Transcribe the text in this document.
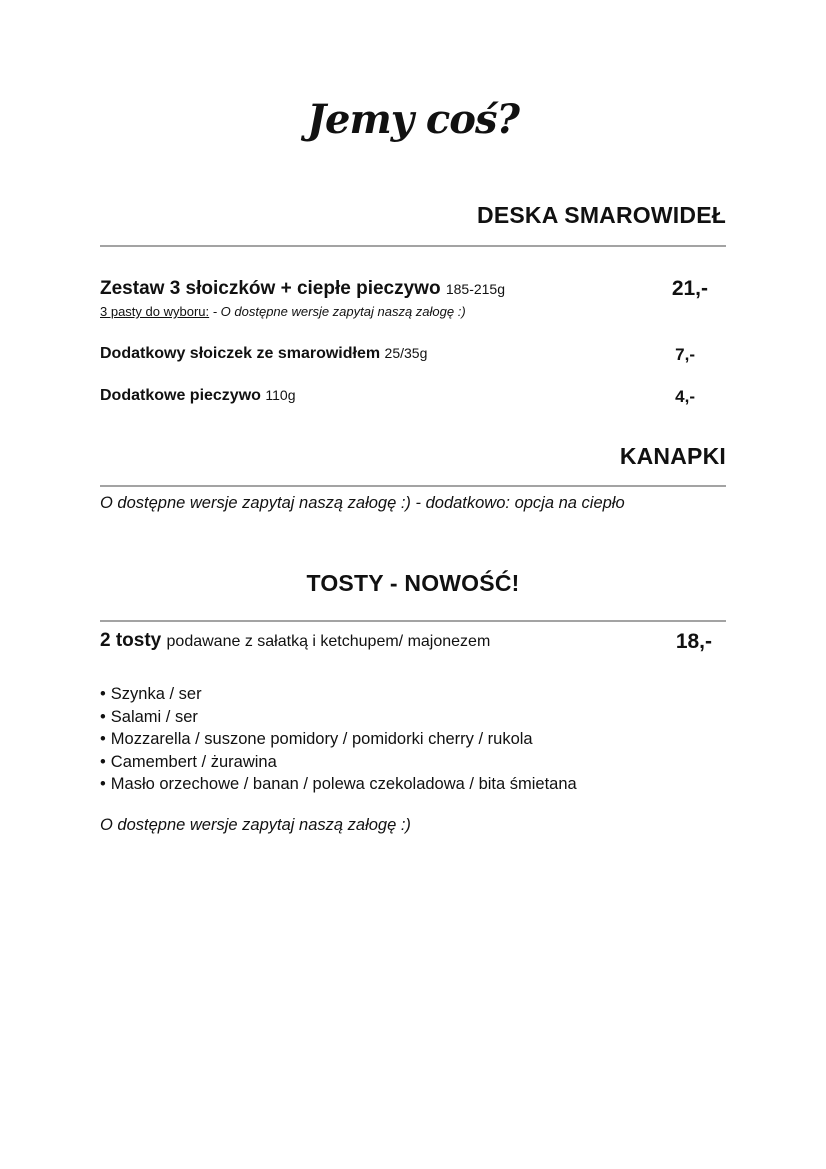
Jemy coś?
DESKA SMAROWIDEŁ
Zestaw 3 słoiczków + ciepłe pieczywo 185-215g	21,-
3 pasty do wyboru: - O dostępne wersje zapytaj naszą załogę :)
Dodatkowy słoiczek ze smarowidłem 25/35g	7,-
Dodatkowe pieczywo 110g	4,-
KANAPKI
O dostępne wersje zapytaj naszą załogę :) - dodatkowo: opcja na ciepło
TOSTY - NOWOŚĆ!
2 tosty podawane z sałatką i ketchupem/ majonezem	18,-
• Szynka / ser
• Salami / ser
• Mozzarella / suszone pomidory / pomidorki cherry / rukola
• Camembert / żurawina
• Masło orzechowe / banan / polewa czekoladowa / bita śmietana
O dostępne wersje zapytaj naszą załogę :)
